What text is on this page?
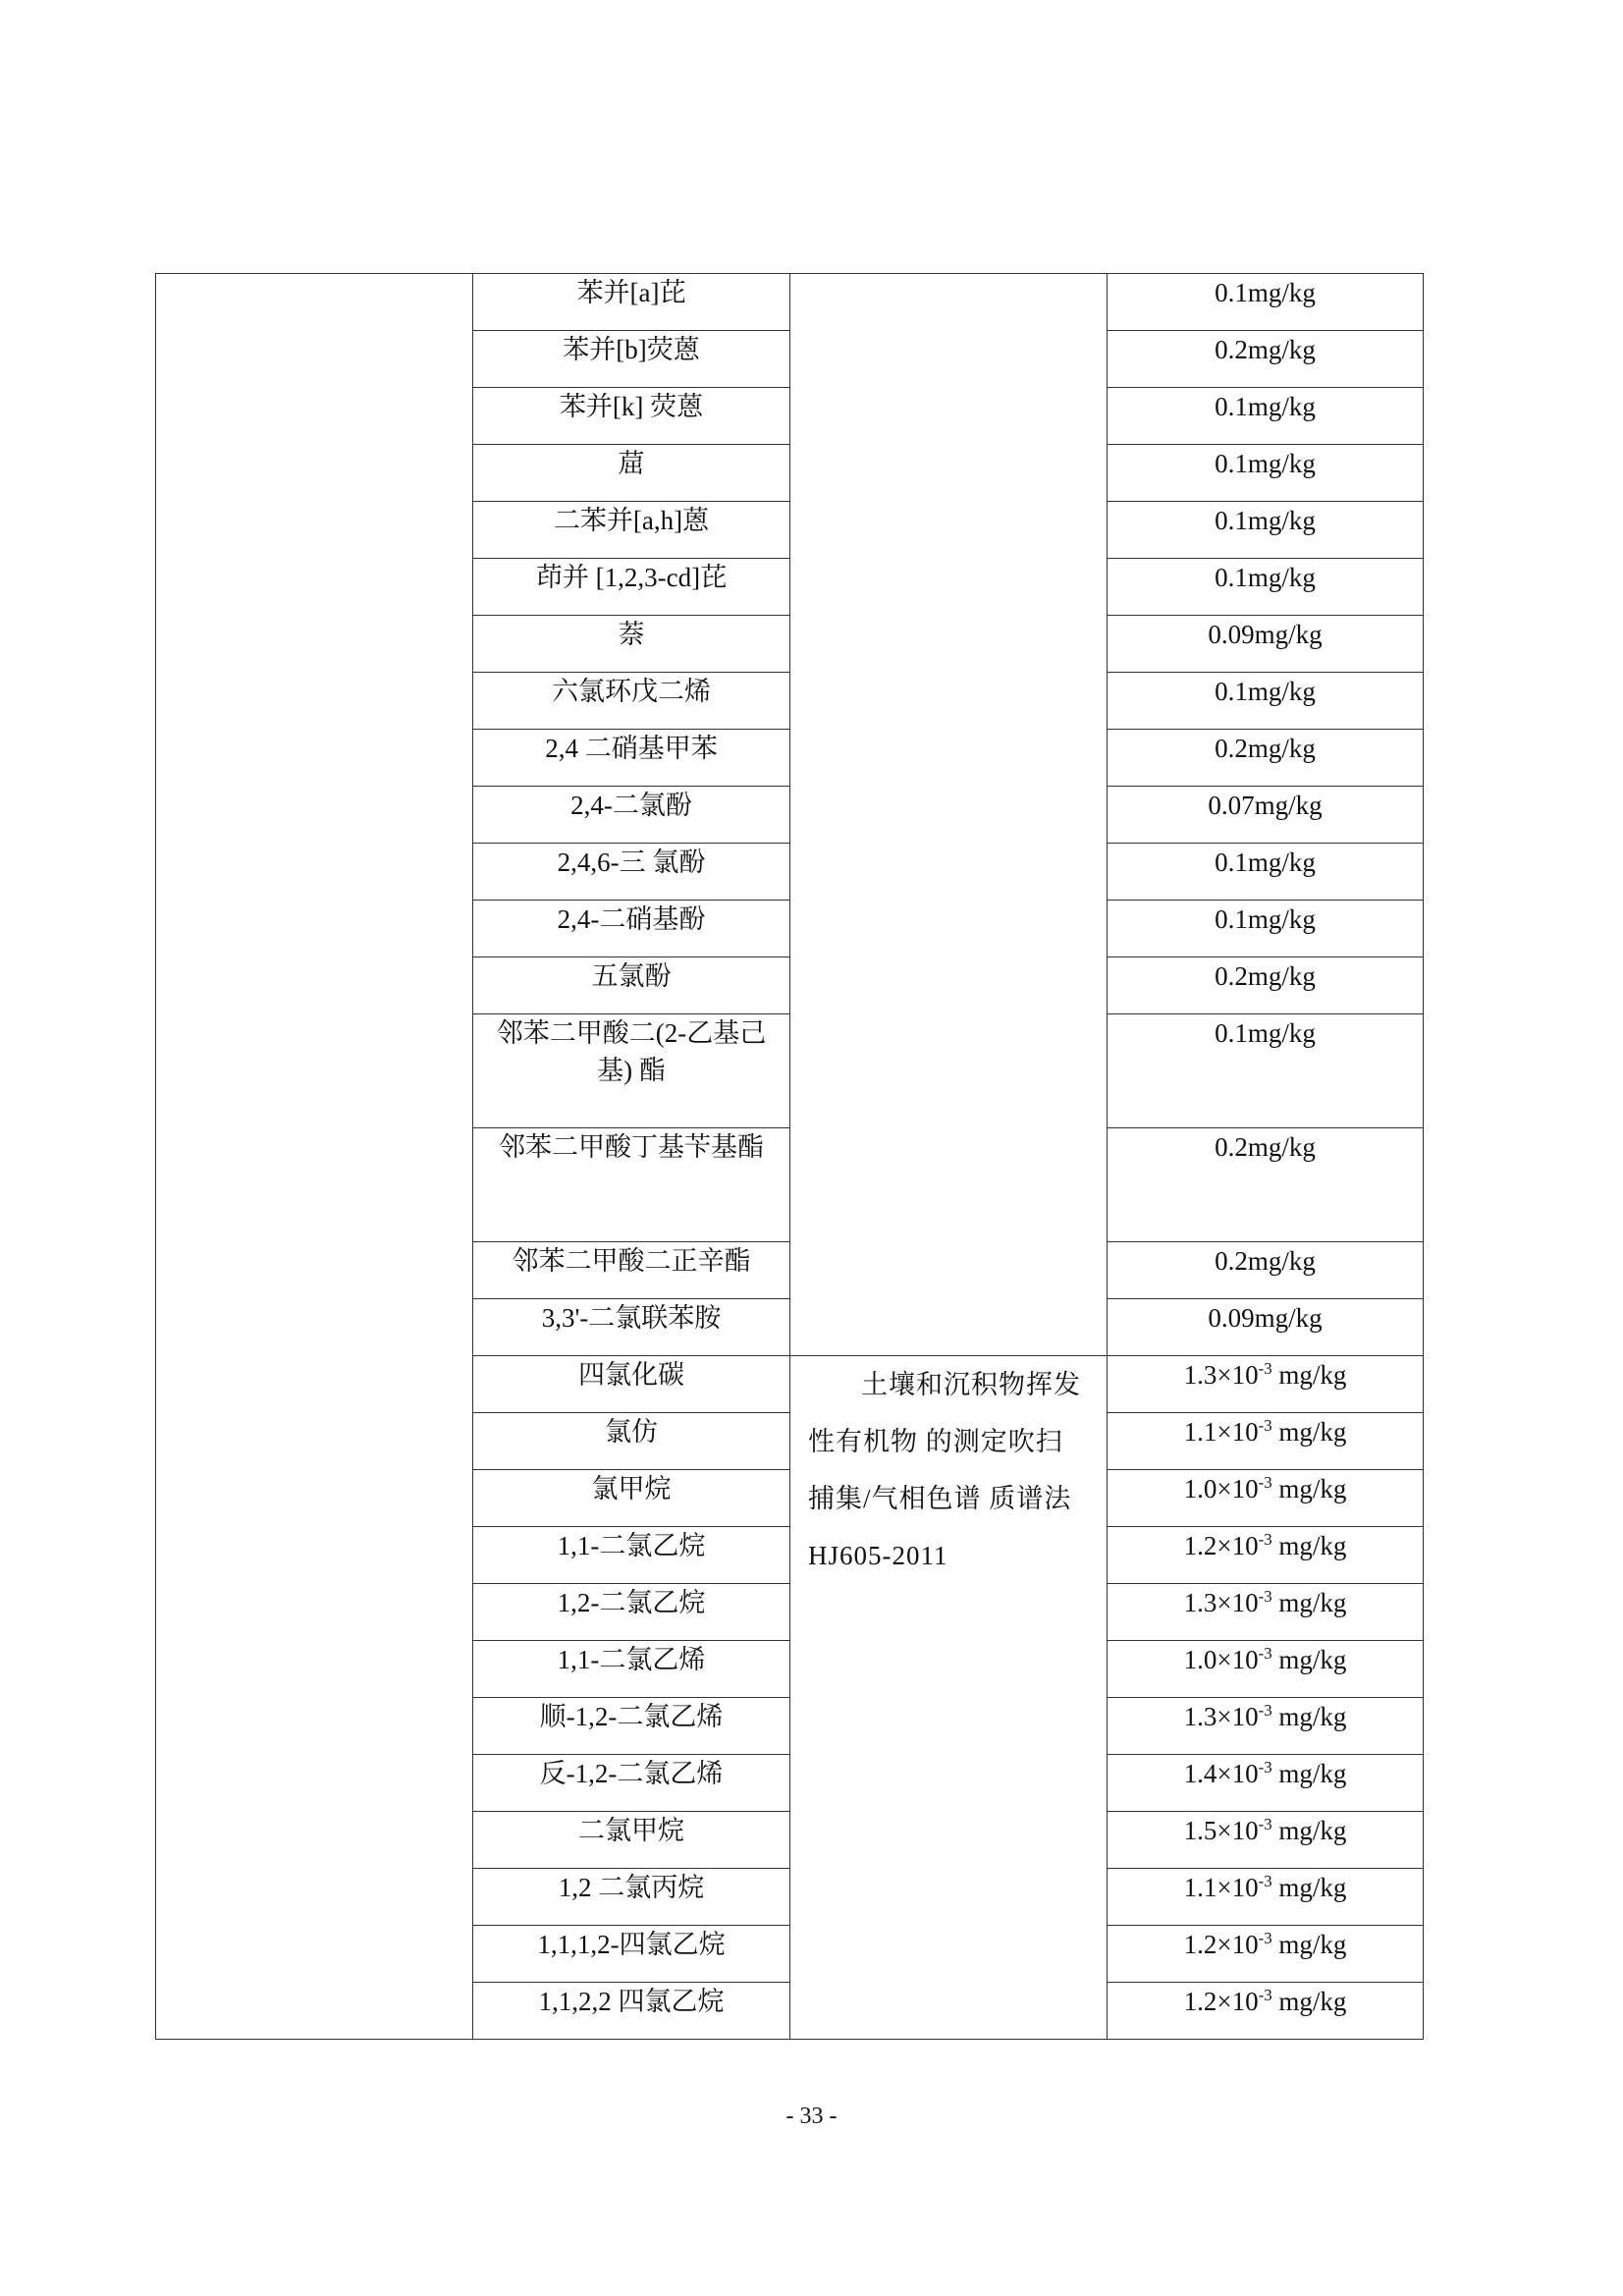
	苯并[a]芘		0.1mg/kg

	苯并[b]荧蒽		0.2mg/kg

	苯并[k] 荧蒽		0.1mg/kg

	䓛		0.1mg/kg

	二苯并[a,h]蒽		0.1mg/kg

	茚并 [1,2,3-cd]芘		0.1mg/kg

	萘		0.09mg/kg

	六氯环戊二烯		0.1mg/kg

	2,4 二硝基甲苯		0.2mg/kg

	2,4-二氯酚		0.07mg/kg

	2,4,6-三 氯酚		0.1mg/kg

	2,4-二硝基酚		0.1mg/kg

	五氯酚		0.2mg/kg

	邻苯二甲酸二(2-乙基己基) 酯		0.1mg/kg

	邻苯二甲酸丁基苄基酯		0.2mg/kg

	邻苯二甲酸二正辛酯		0.2mg/kg

	3,3'-二氯联苯胺		0.09mg/kg

	四氯化碳	土壤和沉积物挥发性有机物 的测定吹扫捕集/气相色谱 质谱法 HJ605-2011	$1.3\times 10^{-3}$ mg/kg

	氯仿		$1.1\times 10^{-3}$ mg/kg

	氯甲烷		$1.0\times 10^{-3}$ mg/kg

	1,1-二氯乙烷		$1.2\times 10^{-3}$ mg/kg

	1,2-二氯乙烷		$1.3\times 10^{-3}$ mg/kg

	1,1-二氯乙烯		$1.0\times 10^{-3}$ mg/kg

	顺-1,2-二氯乙烯		$1.3\times 10^{-3}$ mg/kg

	反-1,2-二氯乙烯		$1.4\times 10^{-3}$ mg/kg

	二氯甲烷		$1.5\times 10^{-3}$ mg/kg

	1,2 二氯丙烷		$1.1\times 10^{-3}$ mg/kg

	1,1,1,2-四氯乙烷		$1.2\times 10^{-3}$ mg/kg

	1,1,2,2 四氯乙烷		$1.2\times 10^{-3}$ mg/kg
- 33 -
